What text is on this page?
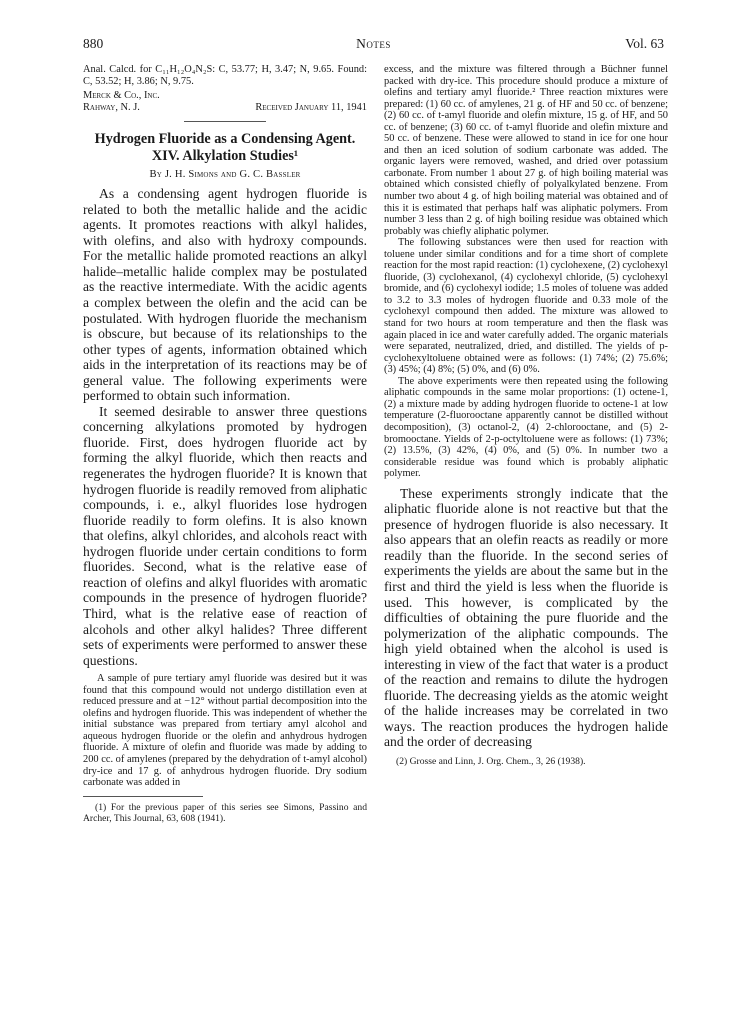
880	Notes	Vol. 63

Anal. Calcd. for C₁₁H₁₂O₄N₂S: C, 53.77; H, 3.47; N, 9.65. Found: C, 53.52; H, 3.86; N, 9.75.

Merck & Co., Inc.

Rahway, N. J.	Received January 11, 1941

Hydrogen Fluoride as a Condensing Agent.

XIV. Alkylation Studies¹

By J. H. Simons and G. C. Bassler

As a condensing agent hydrogen fluoride is related to both the metallic halide and the acidic agents. It promotes reactions with alkyl halides, with olefins, and also with hydroxy compounds. For the metallic halide promoted reactions an alkyl halide–metallic halide complex may be postulated as the reactive intermediate. With the acidic agents a complex between the olefin and the acid can be postulated. With hydrogen fluoride the mechanism is obscure, but because of its relationships to the other types of agents, information obtained which aids in the interpretation of its reactions may be of general value. The following experiments were performed to obtain such information.

It seemed desirable to answer three questions concerning alkylations promoted by hydrogen fluoride. First, does hydrogen fluoride act by forming the alkyl fluoride, which then reacts and regenerates the hydrogen fluoride? It is known that hydrogen fluoride is readily removed from aliphatic compounds, i. e., alkyl fluorides lose hydrogen fluoride readily to form olefins. It is also known that olefins, alkyl chlorides, and alcohols react with hydrogen fluoride under certain conditions to form fluorides. Second, what is the relative ease of reaction of olefins and alkyl fluorides with aromatic compounds in the presence of hydrogen fluoride? Third, what is the relative ease of reaction of alcohols and other alkyl halides? Three different sets of experiments were performed to answer these questions.

A sample of pure tertiary amyl fluoride was desired but it was found that this compound would not undergo distillation even at reduced pressure and at −12° without partial decomposition into the olefins and hydrogen fluoride. This was independent of whether the initial substance was prepared from tertiary amyl alcohol and aqueous hydrogen fluoride or the olefin and anhydrous hydrogen fluoride. A mixture of olefin and fluoride was made by adding to 200 cc. of amylenes (prepared by the dehydration of t-amyl alcohol) dry-ice and 17 g. of anhydrous hydrogen fluoride. Dry sodium carbonate was added in

(1) For the previous paper of this series see Simons, Passino and Archer, This Journal, 63, 608 (1941).

excess, and the mixture was filtered through a Büchner funnel packed with dry-ice. This procedure should produce a mixture of olefins and tertiary amyl fluoride.² Three reaction mixtures were prepared: (1) 60 cc. of amylenes, 21 g. of HF and 50 cc. of benzene; (2) 60 cc. of t-amyl fluoride and olefin mixture, 15 g. of HF, and 50 cc. of benzene; (3) 60 cc. of t-amyl fluoride and olefin mixture and 50 cc. of benzene. These were allowed to stand in ice for one hour and then an iced solution of sodium carbonate was added. The organic layers were removed, washed, and dried over potassium carbonate. From number 1 about 27 g. of high boiling material was obtained which consisted chiefly of polyalkylated benzene. From number two about 4 g. of high boiling material was obtained and of this it is estimated that perhaps half was aliphatic polymers. From number 3 less than 2 g. of high boiling residue was obtained which probably was chiefly aliphatic polymer.

The following substances were then used for reaction with toluene under similar conditions and for a time short of complete reaction for the most rapid reaction: (1) cyclohexene, (2) cyclohexyl fluoride, (3) cyclohexanol, (4) cyclohexyl chloride, (5) cyclohexyl bromide, and (6) cyclohexyl iodide; 1.5 moles of toluene was added to 3.2 to 3.3 moles of hydrogen fluoride and 0.33 mole of the cyclohexyl compound then added. The mixture was allowed to stand for two hours at room temperature and then the flask was again placed in ice and water carefully added. The organic materials were separated, neutralized, dried, and distilled. The yields of p-cyclohexyltoluene obtained were as follows: (1) 74%; (2) 75.6%; (3) 45%; (4) 8%; (5) 0%, and (6) 0%.

The above experiments were then repeated using the following aliphatic compounds in the same molar proportions: (1) octene-1, (2) a mixture made by adding hydrogen fluoride to octene-1 at low temperature (2-fluorooctane apparently cannot be distilled without decomposition), (3) octanol-2, (4) 2-chlorooctane, and (5) 2-bromooctane. Yields of 2-p-octyltoluene were as follows: (1) 73%; (2) 13.5%, (3) 42%, (4) 0%, and (5) 0%. In number two a considerable residue was found which is probably aliphatic polymer.

These experiments strongly indicate that the aliphatic fluoride alone is not reactive but that the presence of hydrogen fluoride is also necessary. It also appears that an olefin reacts as readily or more readily than the fluoride. In the second series of experiments the yields are about the same but in the first and third the yield is less when the fluoride is used. This however, is complicated by the difficulties of obtaining the pure fluoride and the polymerization of the aliphatic compounds. The high yield obtained when the alcohol is used is interesting in view of the fact that water is a product of the reaction and remains to dilute the hydrogen fluoride. The decreasing yields as the atomic weight of the halide increases may be correlated in two ways. The reaction produces the hydrogen halide and the order of decreasing

(2) Grosse and Linn, J. Org. Chem., 3, 26 (1938).
